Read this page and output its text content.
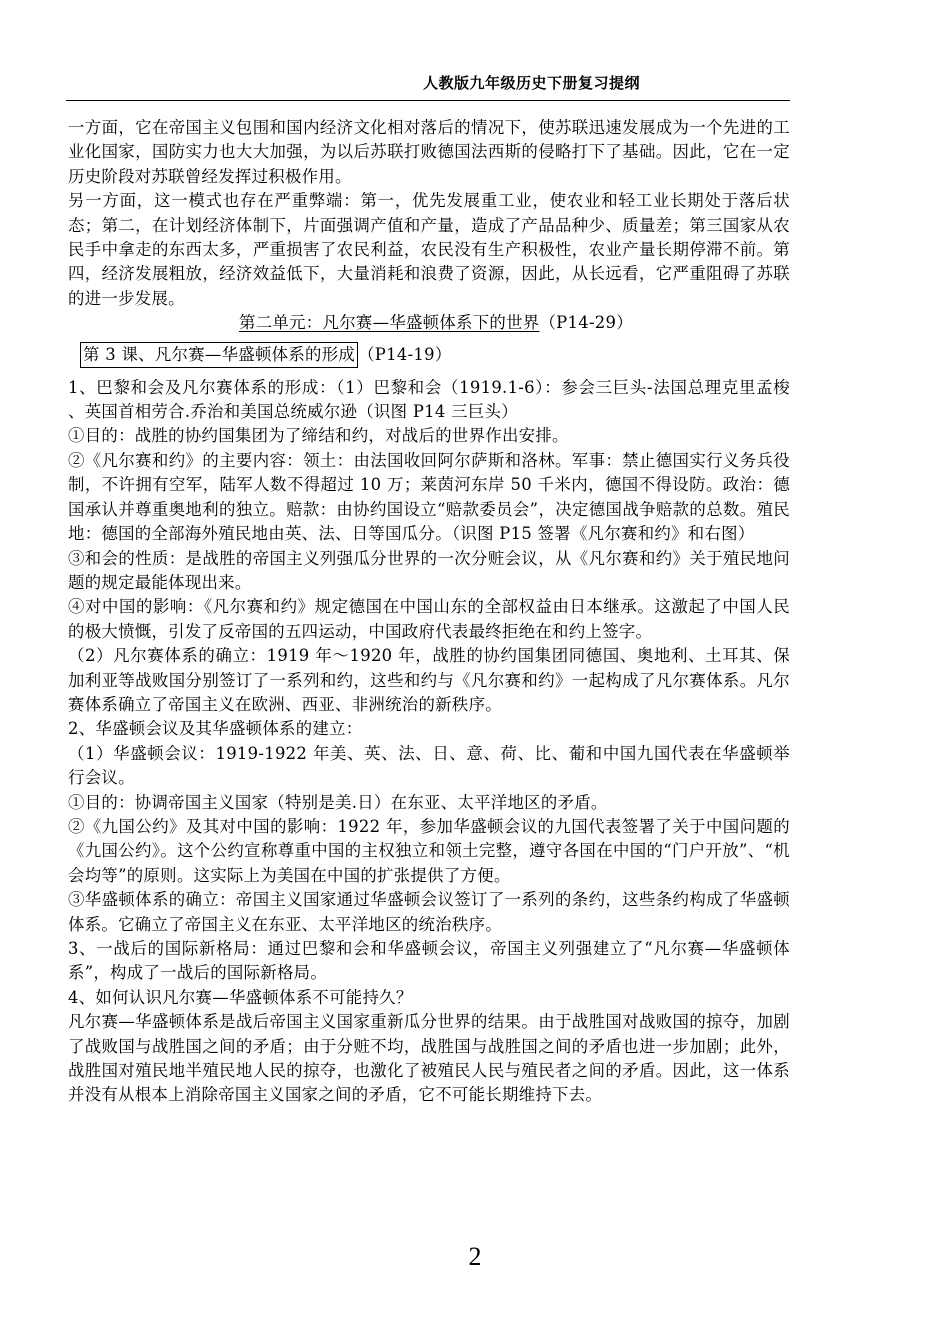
人教版九年级历史下册复习提纲

一方面，它在帝国主义包围和国内经济文化相对落后的情况下，使苏联迅速发展成为一个先进的工业化国家，国防实力也大大加强，为以后苏联打败德国法西斯的侵略打下了基础。因此，它在一定历史阶段对苏联曾经发挥过积极作用。

另一方面，这一模式也存在严重弊端：第一，优先发展重工业，使农业和轻工业长期处于落后状态；第二，在计划经济体制下，片面强调产值和产量，造成了产品品种少、质量差；第三国家从农民手中拿走的东西太多，严重损害了农民利益，农民没有生产积极性，农业产量长期停滞不前。第四，经济发展粗放，经济效益低下，大量消耗和浪费了资源，因此，从长远看，它严重阻碍了苏联的进一步发展。

第二单元：凡尔赛—华盛顿体系下的世界（P14-29）

第 3 课、凡尔赛—华盛顿体系的形成 （P14-19）

1、巴黎和会及凡尔赛体系的形成：（1）巴黎和会（1919.1-6）：参会三巨头-法国总理克里孟梭 、英国首相劳合.乔治和美国总统威尔逊（识图 P14 三巨头）

①目的：战胜的协约国集团为了缔结和约，对战后的世界作出安排。

②《凡尔赛和约》的主要内容：领土：由法国收回阿尔萨斯和洛林。军事：禁止德国实行义务兵役制，不许拥有空军，陆军人数不得超过 10 万；莱茵河东岸 50 千米内，德国不得设防。政治：德国承认并尊重奥地利的独立。赔款：由协约国设立“赔款委员会”，决定德国战争赔款的总数。殖民地：德国的全部海外殖民地由英、法、日等国瓜分。（识图 P15 签署《凡尔赛和约》和右图）

③和会的性质：是战胜的帝国主义列强瓜分世界的一次分赃会议，从《凡尔赛和约》关于殖民地问题的规定最能体现出来。

④对中国的影响：《凡尔赛和约》规定德国在中国山东的全部权益由日本继承。这激起了中国人民的极大愤慨，引发了反帝国的五四运动，中国政府代表最终拒绝在和约上签字。

（2）凡尔赛体系的确立：1919 年～1920 年，战胜的协约国集团同德国、奥地利、土耳其、保加利亚等战败国分别签订了一系列和约，这些和约与《凡尔赛和约》一起构成了凡尔赛体系。凡尔赛体系确立了帝国主义在欧洲、西亚、非洲统治的新秩序。

2、华盛顿会议及其华盛顿体系的建立：

（1）华盛顿会议：1919-1922 年美、英、法、日、意、荷、比、葡和中国九国代表在华盛顿举行会议。

①目的：协调帝国主义国家（特别是美.日）在东亚、太平洋地区的矛盾。

②《九国公约》及其对中国的影响：1922 年，参加华盛顿会议的九国代表签署了关于中国问题的《九国公约》。这个公约宣称尊重中国的主权独立和领土完整，遵守各国在中国的“门户开放”、“机会均等”的原则。这实际上为美国在中国的扩张提供了方便。

③华盛顿体系的确立：帝国主义国家通过华盛顿会议签订了一系列的条约，这些条约构成了华盛顿体系。它确立了帝国主义在东亚、太平洋地区的统治秩序。

3、一战后的国际新格局：通过巴黎和会和华盛顿会议，帝国主义列强建立了“凡尔赛—华盛顿体系”，构成了一战后的国际新格局。

4、如何认识凡尔赛—华盛顿体系不可能持久？

凡尔赛—华盛顿体系是战后帝国主义国家重新瓜分世界的结果。由于战胜国对战败国的掠夺，加剧了战败国与战胜国之间的矛盾；由于分赃不均，战胜国与战胜国之间的矛盾也进一步加剧；此外，战胜国对殖民地半殖民地人民的掠夺，也激化了被殖民人民与殖民者之间的矛盾。因此，这一体系并没有从根本上消除帝国主义国家之间的矛盾，它不可能长期维持下去。

2
